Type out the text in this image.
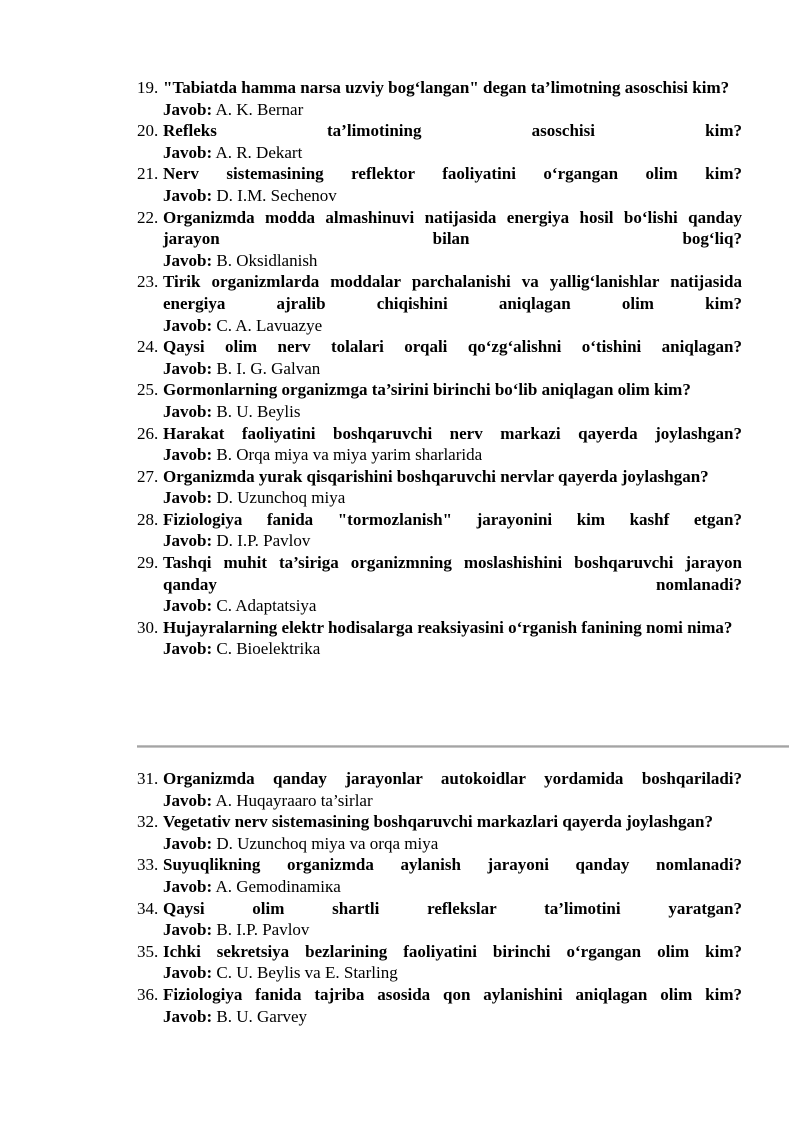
19. "Tabiatda hamma narsa uzviy bog‘langan" degan ta’limotning asoschisi kim?
Javob: A. K. Bernar
20. Refleks ta’limotining asoschisi kim?
Javob: A. R. Dekart
21. Nerv sistemasining reflektor faoliyatini o‘rgangan olim kim?
Javob: D. I.M. Sechenov
22. Organizmda modda almashinuvi natijasida energiya hosil bo‘lishi qanday jarayon bilan bog‘liq?
Javob: B. Oksidlanish
23. Tirik organizmlarda moddalar parchalanishi va yallig‘lanishlar natijasida energiya ajralib chiqishini aniqlagan olim kim?
Javob: C. A. Lavuazye
24. Qaysi olim nerv tolalari orqali qo‘zg‘alishni o‘tishini aniqlagan?
Javob: B. I. G. Galvan
25. Gormonlarning organizmga ta’sirini birinchi bo‘lib aniqlagan olim kim?
Javob: B. U. Beylis
26. Harakat faoliyatini boshqaruvchi nerv markazi qayerda joylashgan?
Javob: B. Orqa miya va miya yarim sharlarida
27. Organizmda yurak qisqarishini boshqaruvchi nervlar qayerda joylashgan?
Javob: D. Uzunchoq miya
28. Fiziologiya fanida "tormozlanish" jarayonini kim kashf etgan?
Javob: D. I.P. Pavlov
29. Tashqi muhit ta’siriga organizmning moslashishini boshqaruvchi jarayon qanday nomlanadi?
Javob: C. Adaptatsiya
30. Hujayralarning elektr hodisalarga reaksiyasini o‘rganish fanining nomi nima?
Javob: C. Bioelektrika
31. Organizmda qanday jarayonlar autokoidlar yordamida boshqariladi?
Javob: A. Huqayraaro ta’sirlar
32. Vegetativ nerv sistemasining boshqaruvchi markazlari qayerda joylashgan?
Javob: D. Uzunchoq miya va orqa miya
33. Suyuqlikning organizmda aylanish jarayoni qanday nomlanadi?
Javob: A. Gemodinamiкa
34. Qaysi olim shartli reflekslar ta’limotini yaratgan?
Javob: B. I.P. Pavlov
35. Ichki sekretsiya bezlarining faoliyatini birinchi o‘rgangan olim kim?
Javob: C. U. Beylis va E. Starling
36. Fiziologiya fanida tajriba asosida qon aylanishini aniqlagan olim kim?
Javob: B. U. Garvey
